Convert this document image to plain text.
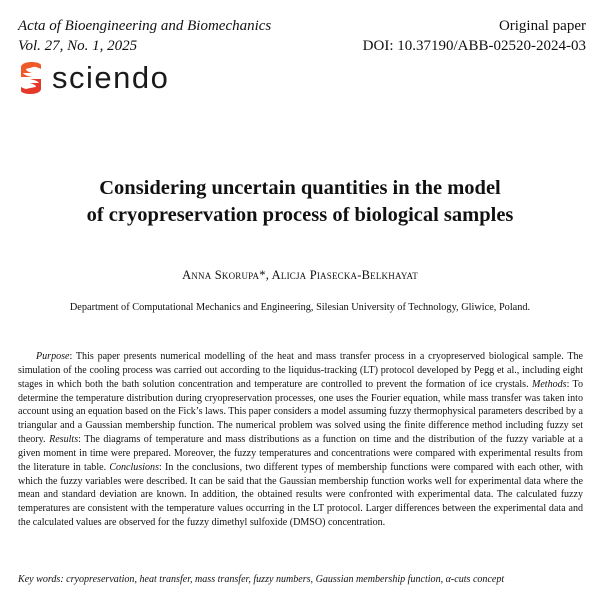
Acta of Bioengineering and Biomechanics
Vol. 27, No. 1, 2025
Original paper
DOI: 10.37190/ABB-02520-2024-03
sciendo
Considering uncertain quantities in the model
of cryopreservation process of biological samples
Anna Skorupa*, Alicja Piasecka-Belkhayat
Department of Computational Mechanics and Engineering, Silesian University of Technology, Gliwice, Poland.

Purpose: This paper presents numerical modelling of the heat and mass transfer process in a cryopreserved biological sample. The simulation of the cooling process was carried out according to the liquidus-tracking (LT) protocol developed by Pegg et al., including eight stages in which both the bath solution concentration and temperature are controlled to prevent the formation of ice crystals. Methods: To determine the temperature distribution during cryopreservation processes, one uses the Fourier equation, while mass transfer was taken into account using an equation based on the Fick’s laws. This paper considers a model assuming fuzzy thermophysical parameters described by a triangular and a Gaussian membership function. The numerical problem was solved using the finite difference method including fuzzy set theory. Results: The diagrams of temperature and mass distributions as a function on time and the distribution of the fuzzy variable at a given moment in time were prepared. Moreover, the fuzzy temperatures and concentrations were compared with experimental results from the literature in table. Conclusions: In the conclusions, two different types of membership functions were compared with each other, with which the fuzzy variables were described. It can be said that the Gaussian membership function works well for experimental data where the mean and standard deviation are known. In addition, the obtained results were confronted with experimental data. The calculated fuzzy temperatures are consistent with the temperature values occurring in the LT protocol. Larger differences between the experimental data and the calculated values are observed for the fuzzy dimethyl sulfoxide (DMSO) concentration.

Key words: cryopreservation, heat transfer, mass transfer, fuzzy numbers, Gaussian membership function, α-cuts concept
